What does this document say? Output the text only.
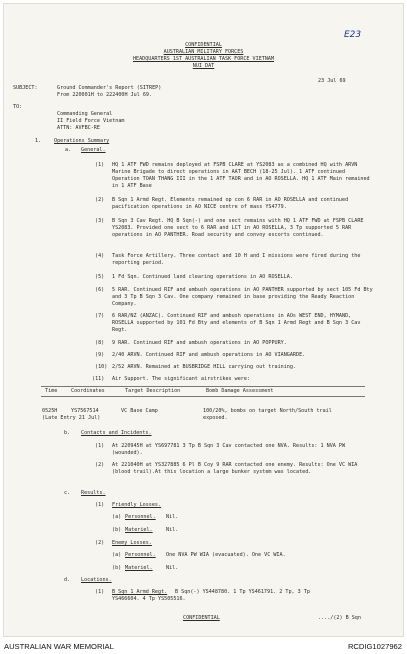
E23
CONFIDENTIAL
AUSTRALIAN MILITARY FORCES
HEADQUARTERS 1ST AUSTRALIAN TASK FORCE VIETNAM
NUI DAT
23 Jul 69
SUBJECT:	Ground Commander's Report (SITREP)
From 220001H to 222400H Jul 69.
TO:
Commanding General
II Field Force Vietnam
ATTN: AVFBC-RE
1.	Operations Summary
a. General.
(1) HQ 1 ATF FWD remains deployed at FSPB CLARE at YS2083 as a combined HQ with ARVN Marine Brigade to direct operations in AAT BECH (18-25 Jul). 1 ATF continued Operation TOAN THANG III in the 1 ATF TAOR and in AO ROSELLA. HQ 1 ATF Main remained in 1 ATF Base
(2) B Sqn 1 Armd Regt. Elements remained op con 6 RAR in AO ROSELLA and continued pacification operations in AO NICE centre of mass YS4779.
(3) B Sqn 3 Cav Regt. HQ B Sqn(-) and one sect remains with HQ 1 ATF FWD at FSPB CLARE YS2083. Provided one sect to 6 RAR and LCT in AO ROSELLA, 3 Tp supported 5 RAR operations in AO PANTHER. Road security and convoy escorts continued.
(4) Task Force Artillery. Three contact and 10 H and I missions were fired during the reporting period.
(5) 1 Fd Sqn. Continued land clearing operations in AO ROSELLA.
(6) 5 RAR. Continued RIF and ambush operations in AO PANTHER supported by sect 105 Fd Bty and 3 Tp B Sqn 3 Cav. One company remained in base providing the Ready Reaction Company.
(7) 6 RAR/NZ (ANZAC). Continued RIF and ambush operations in AOs WEST END, HYMAND, ROSELLA supported by 101 Fd Bty and elements of B Sqn 1 Armd Regt and B Sqn 3 Cav Regt.
(8) 9 RAR. Continued RIF and ambush operations in AO POPPURY.
(9) 2/40 ARVN. Continued RIF and ambush operations in AO VIANGARDE.
(10) 2/52 ARVN. Remained at BUSBRIDGE HILL carrying out training.
(11) Air Support. The significant airstrikes were:
Time	Coordinates	Target Description	Bomb Damage Assessment
0525H	YS7567514	VC Base Camp	100/20%, bombs on target North/South trail
(Late Entry 21 Jul)	exposed.
b. Contacts and Incidents.
(1) At 220945H at YS697781 3 Tp B Sqn 3 Cav contacted one NVA. Results: 1 NVA PW (wounded).
(2) At 221040H at YS327885 6 Pl B Coy 9 RAR contacted one enemy. Results: One VC WIA (blood trail).At this location a large bunker system was located.
c. Results.
(1) Friendly Losses.
(a) Personnel. Nil.
(b) Materiel.	Nil.
(2) Enemy Losses.
(a) Personnel. One NVA PW WIA (evacuated). One VC WIA.
(b) Materiel.	Nil.
d. Locations.
(1) B Sqn 1 Armd Regt. B Sqn(-) YS448780. 1 Tp YS461791. 2 Tp, 3 Tp
YS466604. 4 Tp YS505516.
CONFIDENTIAL	..../(2) B Sqn
AUSTRALIAN WAR MEMORIAL	RCDIG1027962
